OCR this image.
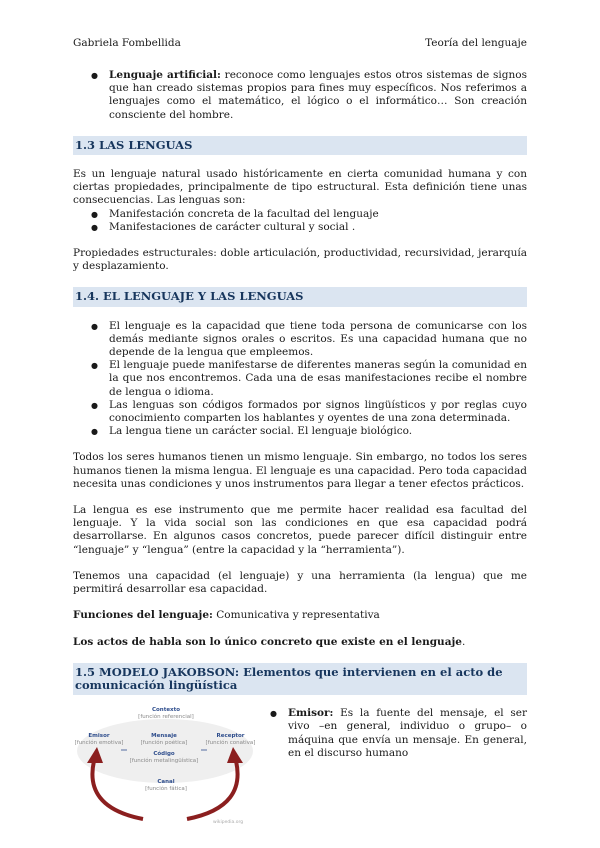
Gabriela Fombellida	Teoría del lenguaje
● Lenguaje artificial: reconoce como lenguajes estos otros sistemas de signos que han creado sistemas propios para fines muy específicos. Nos referimos a lenguajes como el matemático, el lógico o el informático… Son creación consciente del hombre.
1.3 LAS LENGUAS

Es un lenguaje natural usado históricamente en cierta comunidad humana y con ciertas propiedades, principalmente de tipo estructural. Esta definición tiene unas consecuencias. Las lenguas son:

● Manifestación concreta de la facultad del lenguaje
● Manifestaciones de carácter cultural y social .

Propiedades estructurales: doble articulación, productividad, recursividad, jerarquía y desplazamiento.

1.4. EL LENGUAJE Y LAS LENGUAS
● El lenguaje es la capacidad que tiene toda persona de comunicarse con los demás mediante signos orales o escritos. Es una capacidad humana que no depende de la lengua que empleemos.
● El lenguaje puede manifestarse de diferentes maneras según la comunidad en la que nos encontremos. Cada una de esas manifestaciones recibe el nombre de lengua o idioma.
● Las lenguas son códigos formados por signos lingüísticos y por reglas cuyo conocimiento comparten los hablantes y oyentes de una zona determinada.
● La lengua tiene un carácter social. El lenguaje biológico.

Todos los seres humanos tienen un mismo lenguaje. Sin embargo, no todos los seres humanos tienen la misma lengua. El lenguaje es una capacidad. Pero toda capacidad necesita unas condiciones y unos instrumentos para llegar a tener efectos prácticos.

La lengua es ese instrumento que me permite hacer realidad esa facultad del lenguaje. Y la vida social son las condiciones en que esa capacidad podrá desarrollarse. En algunos casos concretos, puede parecer difícil distinguir entre “lenguaje” y “lengua” (entre la capacidad y la “herramienta”).

Tenemos una capacidad (el lenguaje) y una herramienta (la lengua) que me permitirá desarrollar esa capacidad.

Funciones del lenguaje: Comunicativa y representativa

Los actos de habla son lo único concreto que existe en el lenguaje.

1.5 MODELO JAKOBSON: Elementos que intervienen en el acto de comunicación lingüística
Contexto
[función referencial]
Emisor
[función emotiva]
Mensaje
[función poética]
Receptor
[función conativa]
Código
[función metalingüística]
Canal
[función fática]
wikipedia.org
● Emisor: Es la fuente del mensaje, el ser vivo –en general, individuo o grupo– o máquina que envía un mensaje. En general, en el discurso humano
